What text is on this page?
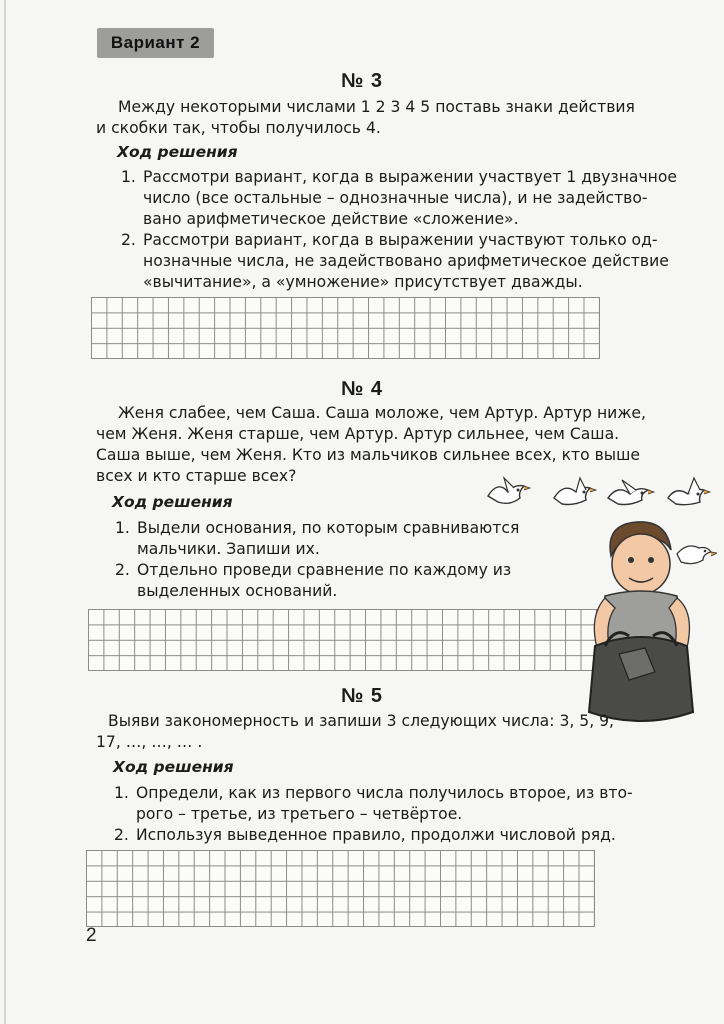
Вариант 2
№ 3
Между некоторыми числами 1 2 3 4 5 поставь знаки действия
и скобки так, чтобы получилось 4.
Ход решения
1. Рассмотри вариант, когда в выражении участвует 1 двузначное
число (все остальные – однозначные числа), и не задейство-
вано арифметическое действие «сложение».
2. Рассмотри вариант, когда в выражении участвуют только од-
нозначные числа, не задействовано арифметическое действие
«вычитание», а «умножение» присутствует дважды.
№ 4
Женя слабее, чем Саша. Саша моложе, чем Артур. Артур ниже,
чем Женя. Женя старше, чем Артур. Артур сильнее, чем Саша.
Саша выше, чем Женя. Кто из мальчиков сильнее всех, кто выше
всех и кто старше всех?
Ход решения
1. Выдели основания, по которым сравниваются
мальчики. Запиши их.
2. Отдельно проведи сравнение по каждому из
выделенных оснований.
№ 5
Выяви закономерность и запиши 3 следующих числа: 3, 5, 9,
17, …, …, … .
Ход решения
1. Определи, как из первого числа получилось второе, из вто-
рого – третье, из третьего – четвёртое.
2. Используя выведенное правило, продолжи числовой ряд.
2
